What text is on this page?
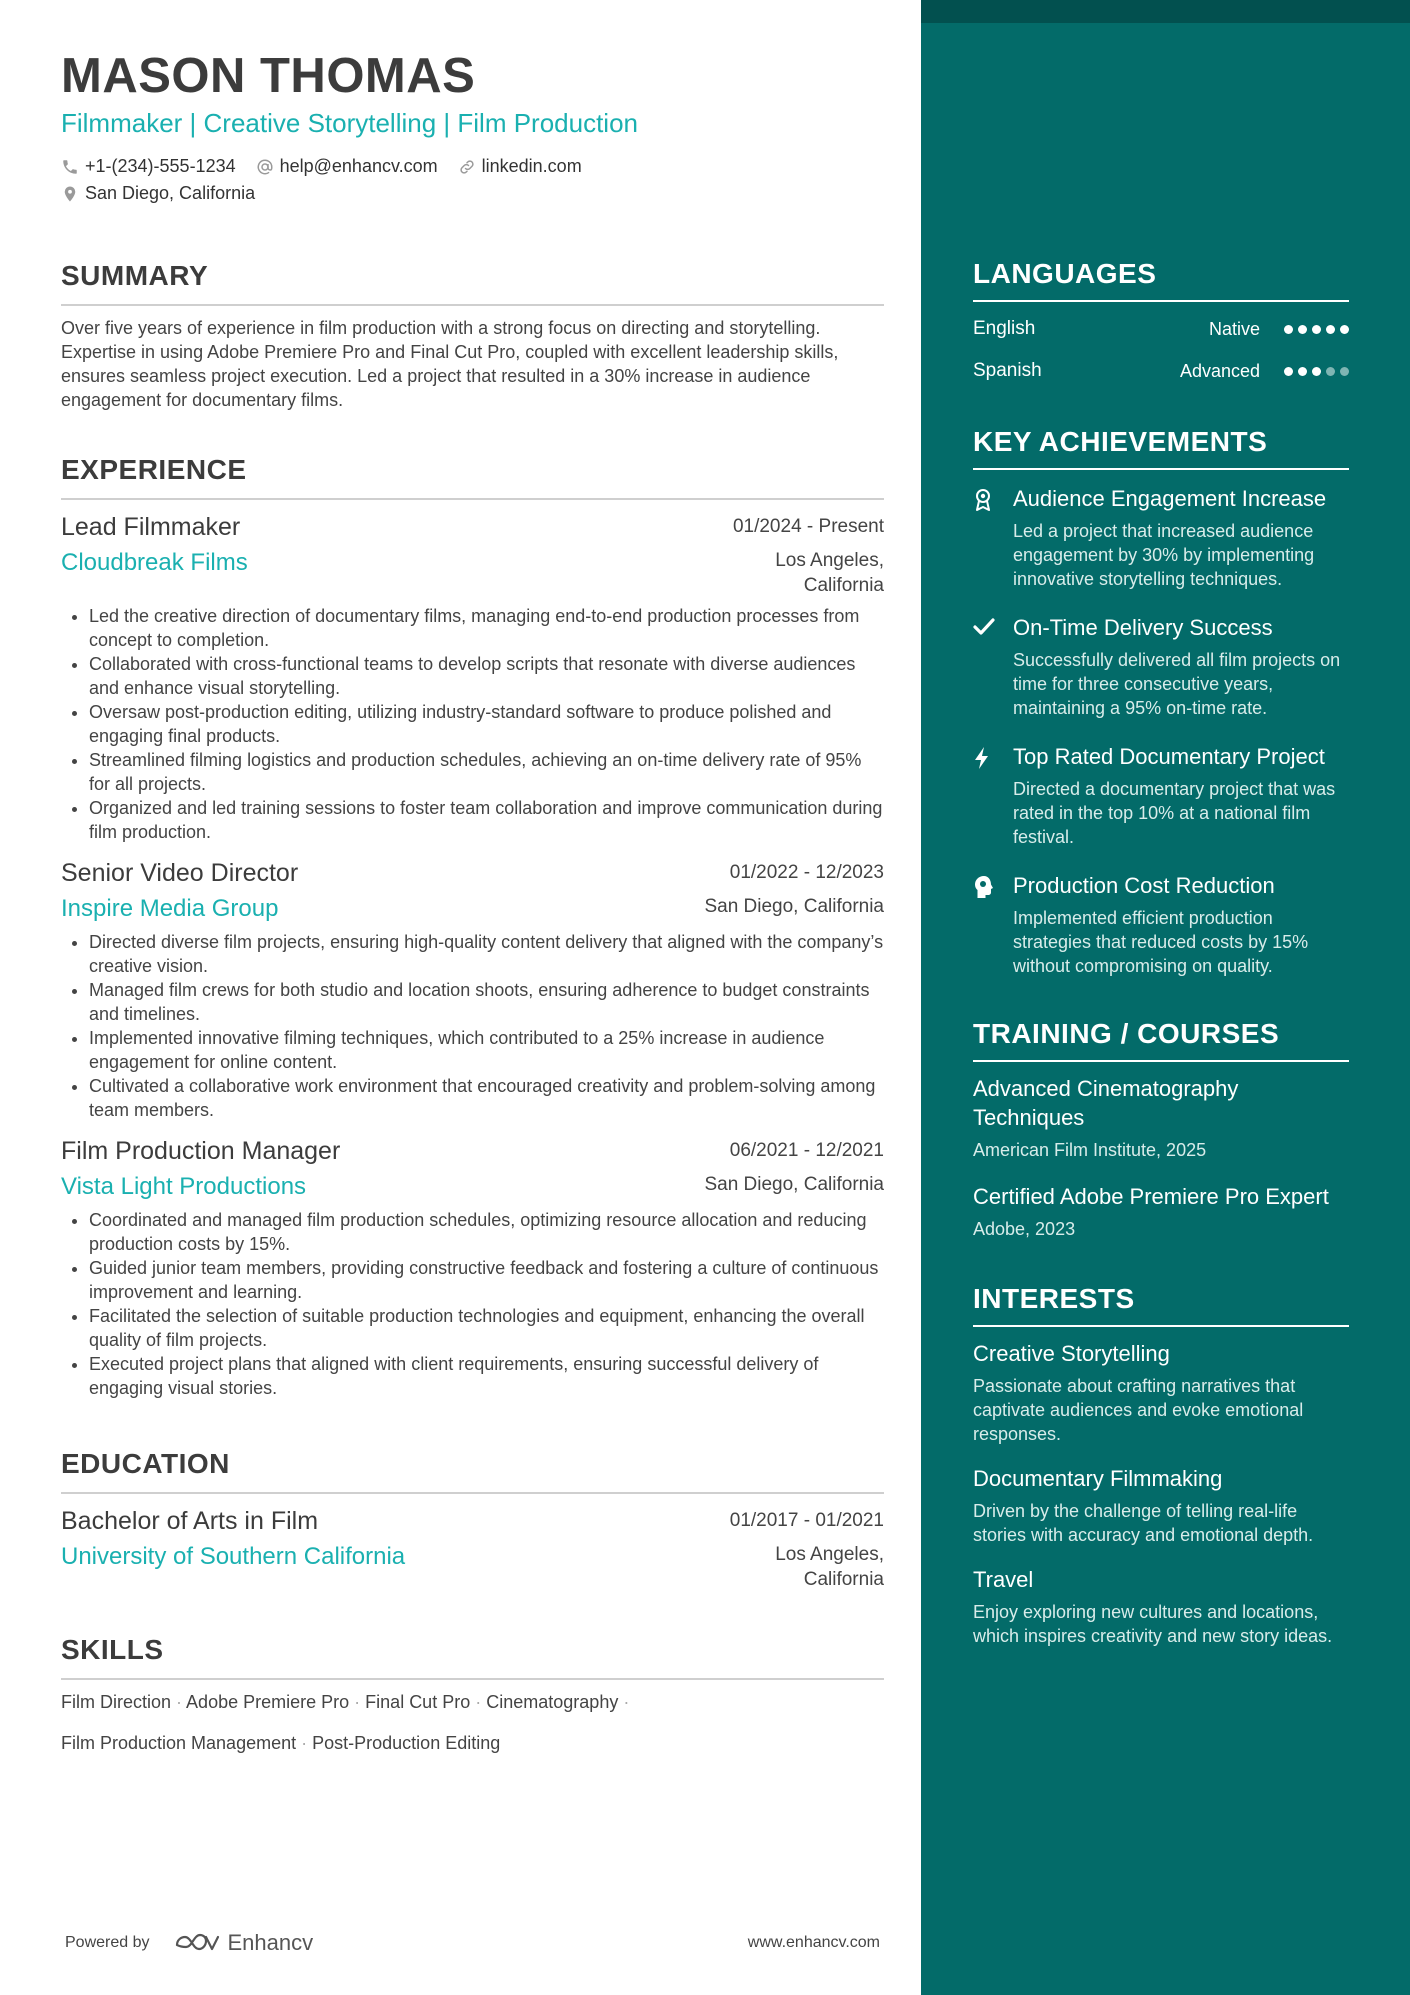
MASON THOMAS
Filmmaker | Creative Storytelling | Film Production
+1-(234)-555-1234 help@enhancv.com linkedin.com
San Diego, California
SUMMARY
Over five years of experience in film production with a strong focus on directing and storytelling. Expertise in using Adobe Premiere Pro and Final Cut Pro, coupled with excellent leadership skills, ensures seamless project execution. Led a project that resulted in a 30% increase in audience engagement for documentary films.
EXPERIENCE
Lead Filmmaker	01/2024 - Present
Cloudbreak Films	Los Angeles,
California
• Led the creative direction of documentary films, managing end-to-end production processes from concept to completion.
• Collaborated with cross-functional teams to develop scripts that resonate with diverse audiences and enhance visual storytelling.
• Oversaw post-production editing, utilizing industry-standard software to produce polished and engaging final products.
• Streamlined filming logistics and production schedules, achieving an on-time delivery rate of 95% for all projects.
• Organized and led training sessions to foster team collaboration and improve communication during film production.
Senior Video Director	01/2022 - 12/2023
Inspire Media Group	San Diego, California
• Directed diverse film projects, ensuring high-quality content delivery that aligned with the company’s creative vision.
• Managed film crews for both studio and location shoots, ensuring adherence to budget constraints and timelines.
• Implemented innovative filming techniques, which contributed to a 25% increase in audience engagement for online content.
• Cultivated a collaborative work environment that encouraged creativity and problem-solving among team members.
Film Production Manager	06/2021 - 12/2021
Vista Light Productions	San Diego, California
• Coordinated and managed film production schedules, optimizing resource allocation and reducing production costs by 15%.
• Guided junior team members, providing constructive feedback and fostering a culture of continuous improvement and learning.
• Facilitated the selection of suitable production technologies and equipment, enhancing the overall quality of film projects.
• Executed project plans that aligned with client requirements, ensuring successful delivery of engaging visual stories.
EDUCATION
Bachelor of Arts in Film	01/2017 - 01/2021
University of Southern California	Los Angeles,
California
SKILLS
Film Direction · Adobe Premiere Pro · Final Cut Pro · Cinematography ·
Film Production Management · Post-Production Editing
Powered by	Enhancv	www.enhancv.com
LANGUAGES
English	Native
Spanish	Advanced
KEY ACHIEVEMENTS
Audience Engagement Increase
Led a project that increased audience engagement by 30% by implementing innovative storytelling techniques.
On-Time Delivery Success
Successfully delivered all film projects on time for three consecutive years, maintaining a 95% on-time rate.
Top Rated Documentary Project
Directed a documentary project that was rated in the top 10% at a national film festival.
Production Cost Reduction
Implemented efficient production strategies that reduced costs by 15% without compromising on quality.
TRAINING / COURSES
Advanced Cinematography Techniques
American Film Institute, 2025
Certified Adobe Premiere Pro Expert
Adobe, 2023
INTERESTS
Creative Storytelling
Passionate about crafting narratives that captivate audiences and evoke emotional responses.
Documentary Filmmaking
Driven by the challenge of telling real-life stories with accuracy and emotional depth.
Travel
Enjoy exploring new cultures and locations, which inspires creativity and new story ideas.
